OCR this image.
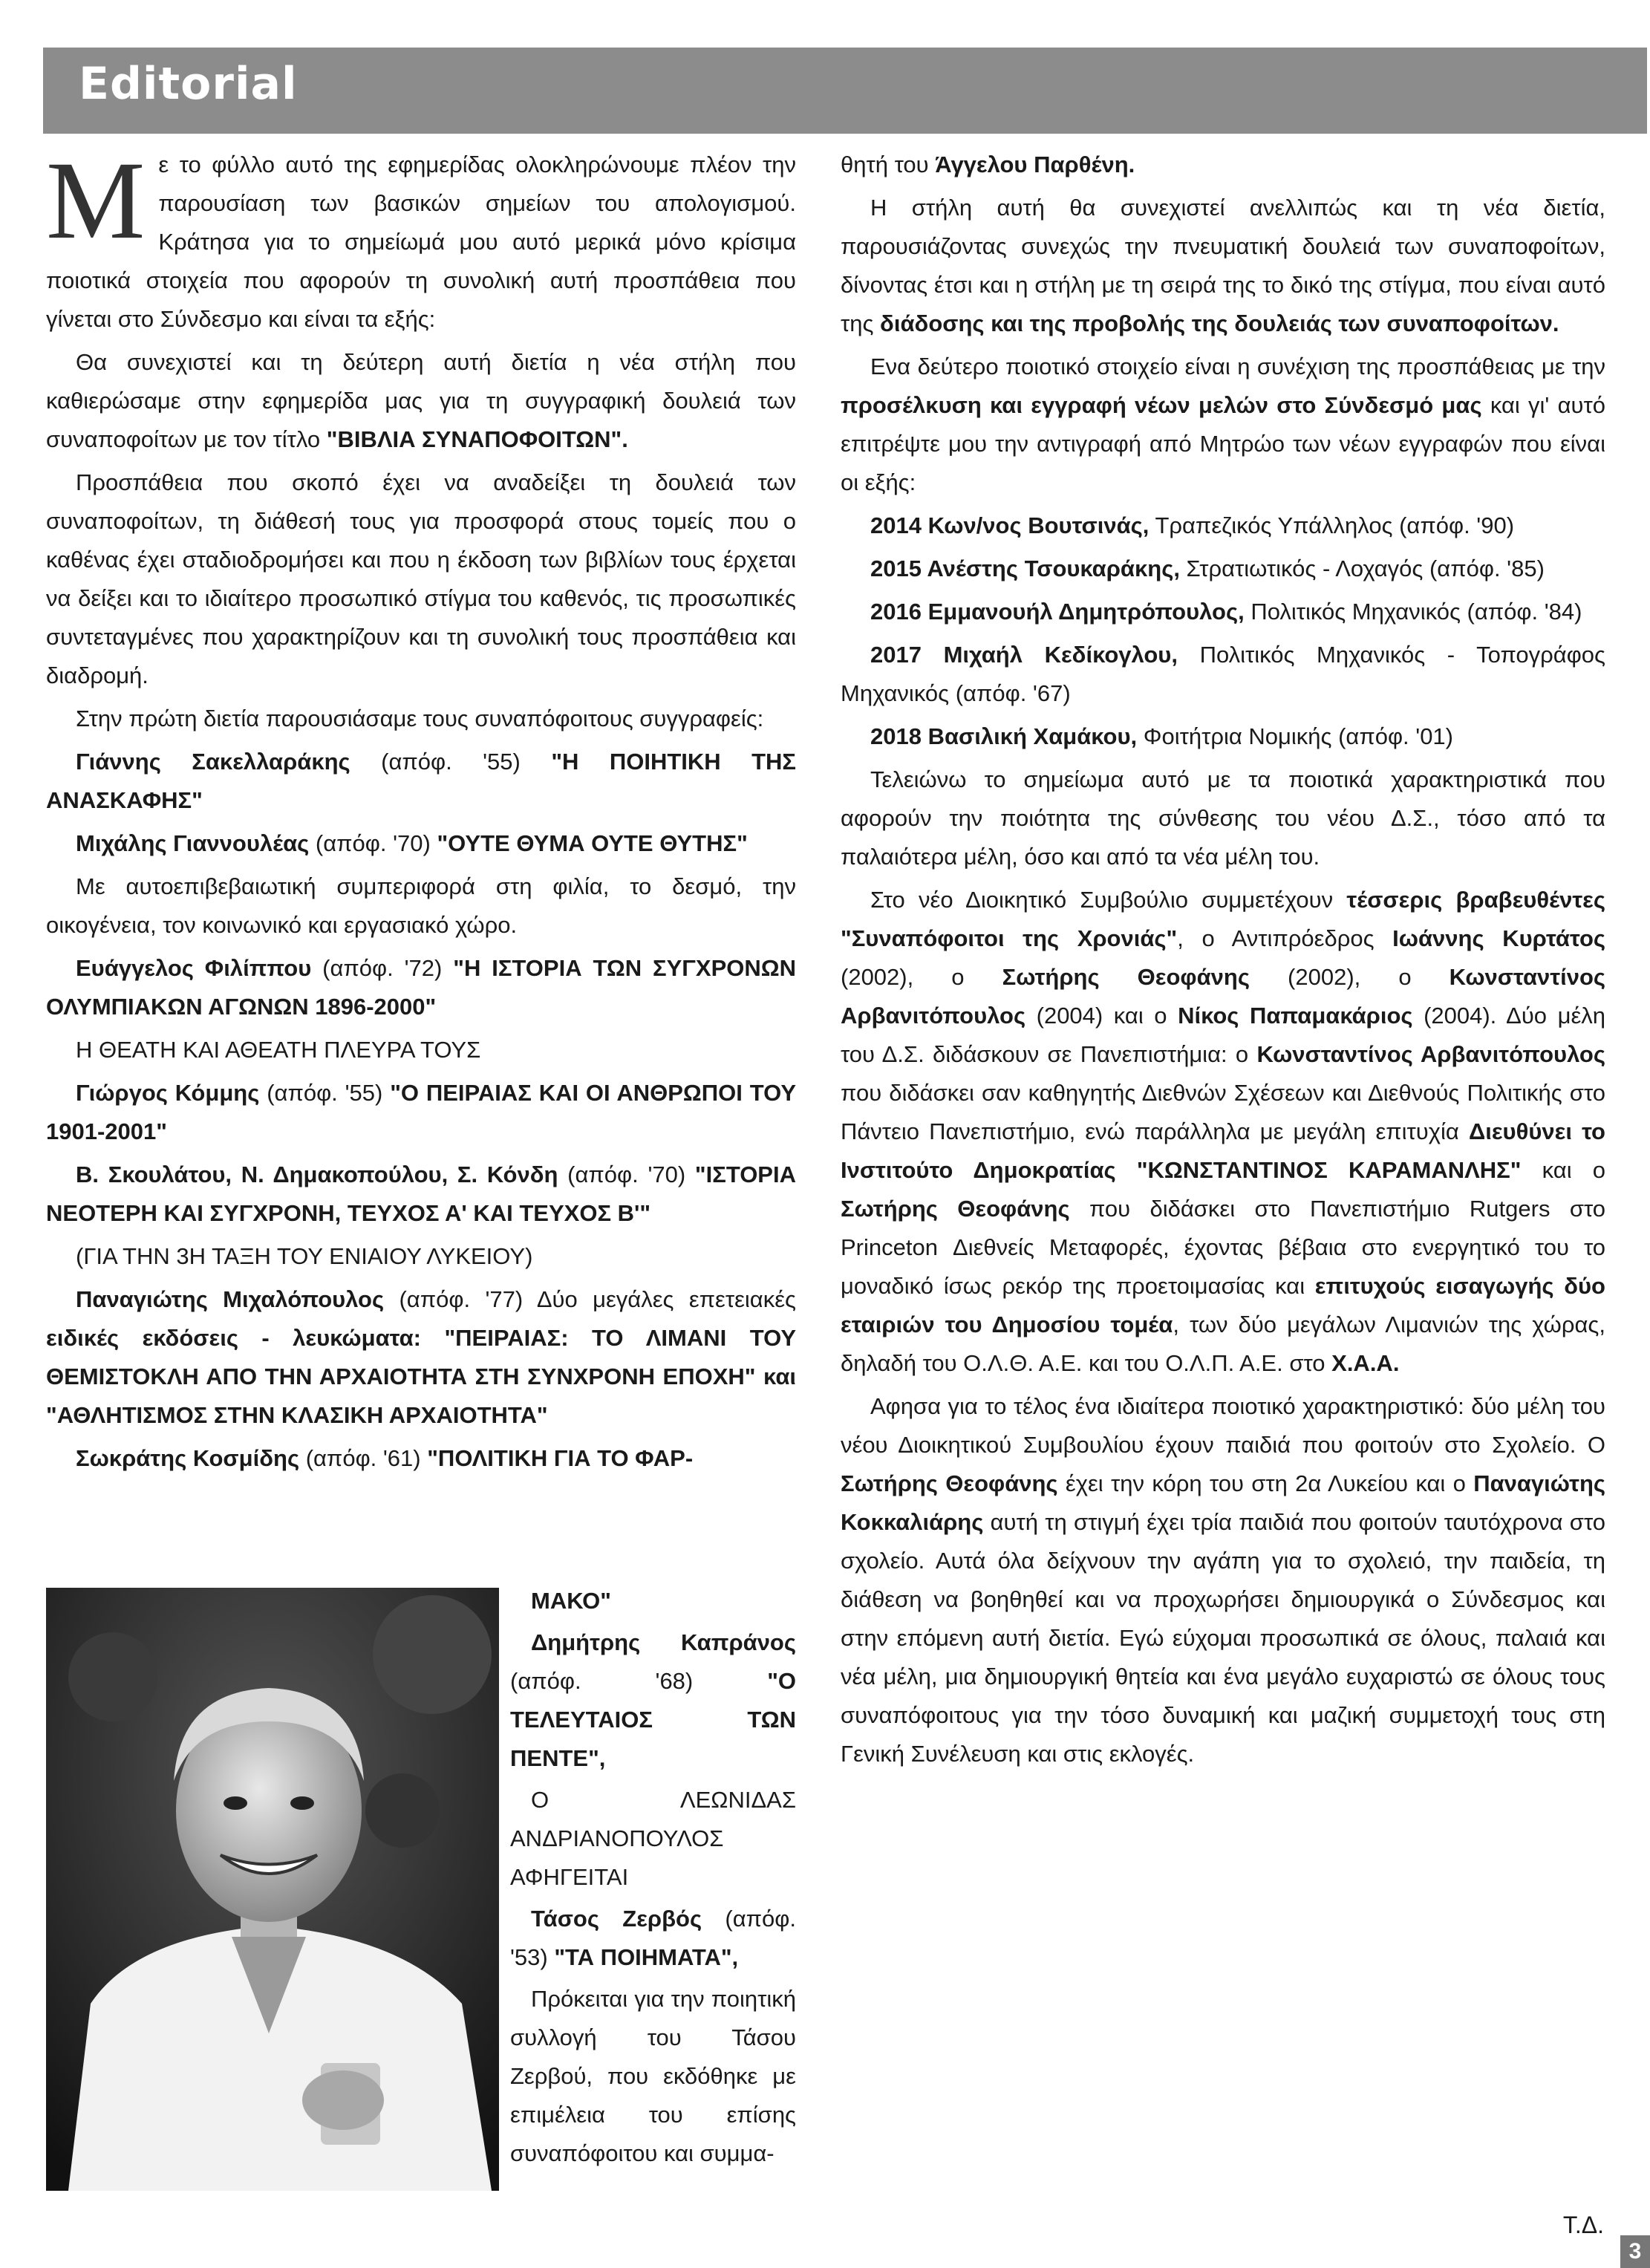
Editorial

Με το φύλλο αυτό της εφημερίδας ολοκληρώνουμε πλέον την παρουσίαση των βασικών σημείων του απολογισμού. Κράτησα για το σημείωμά μου αυτό μερικά μόνο κρίσιμα ποιοτικά στοιχεία που αφορούν τη συνολική αυτή προσπάθεια που γίνεται στο Σύνδεσμο και είναι τα εξής:

Θα συνεχιστεί και τη δεύτερη αυτή διετία η νέα στήλη που καθιερώσαμε στην εφημερίδα μας για τη συγγραφική δουλειά των συναποφοίτων με τον τίτλο "ΒΙΒΛΙΑ ΣΥΝΑΠΟΦΟΙΤΩΝ".

Προσπάθεια που σκοπό έχει να αναδείξει τη δουλειά των συναποφοίτων, τη διάθεσή τους για προσφορά στους τομείς που ο καθένας έχει σταδιοδρομήσει και που η έκδοση των βιβλίων τους έρχεται να δείξει και το ιδιαίτερο προσωπικό στίγμα του καθενός, τις προσωπικές συντεταγμένες που χαρακτηρίζουν και τη συνολική τους προσπάθεια και διαδρομή.

Στην πρώτη διετία παρουσιάσαμε τους συναπόφοιτους συγγραφείς:

Γιάννης Σακελλαράκης (απόφ. '55) "Η ΠΟΙΗΤΙΚΗ ΤΗΣ ΑΝΑΣΚΑΦΗΣ"

Μιχάλης Γιαννουλέας (απόφ. '70) "ΟΥΤΕ ΘΥΜΑ ΟΥΤΕ ΘΥΤΗΣ"

Με αυτοεπιβεβαιωτική συμπεριφορά στη φιλία, το δεσμό, την οικογένεια, τον κοινωνικό και εργασιακό χώρο.

Ευάγγελος Φιλίππου (απόφ. '72) "Η ΙΣΤΟΡΙΑ ΤΩΝ ΣΥΓΧΡΟΝΩΝ ΟΛΥΜΠΙΑΚΩΝ ΑΓΩΝΩΝ 1896-2000"

Η ΘΕΑΤΗ ΚΑΙ ΑΘΕΑΤΗ ΠΛΕΥΡΑ ΤΟΥΣ

Γιώργος Κόμμης (απόφ. '55) "Ο ΠΕΙΡΑΙΑΣ ΚΑΙ ΟΙ ΑΝΘΡΩΠΟΙ ΤΟΥ 1901-2001"

Β. Σκουλάτου, Ν. Δημακοπούλου, Σ. Κόνδη (απόφ. '70) "ΙΣΤΟΡΙΑ ΝΕΟΤΕΡΗ ΚΑΙ ΣΥΓΧΡΟΝΗ, ΤΕΥΧΟΣ Α' ΚΑΙ ΤΕΥΧΟΣ Β'"

(ΓΙΑ ΤΗΝ 3Η ΤΑΞΗ ΤΟΥ ΕΝΙΑΙΟΥ ΛΥΚΕΙΟΥ)

Παναγιώτης Μιχαλόπουλος (απόφ. '77) Δύο μεγάλες επετειακές ειδικές εκδόσεις - λευκώματα: "ΠΕΙΡΑΙΑΣ: ΤΟ ΛΙΜΑΝΙ ΤΟΥ ΘΕΜΙΣΤΟΚΛΗ ΑΠΟ ΤΗΝ ΑΡΧΑΙΟΤΗΤΑ ΣΤΗ ΣΥΝΧΡΟΝΗ ΕΠΟΧΗ" και "ΑΘΛΗΤΙΣΜΟΣ ΣΤΗΝ ΚΛΑΣΙΚΗ ΑΡΧΑΙΟΤΗΤΑ"

Σωκράτης Κοσμίδης (απόφ. '61) "ΠΟΛΙΤΙΚΗ ΓΙΑ ΤΟ ΦΑΡ-

ΜΑΚΟ"

Δημήτρης Καπράνος (απόφ. '68) "Ο ΤΕΛΕΥΤΑΙΟΣ ΤΩΝ ΠΕΝΤΕ",

Ο ΛΕΩΝΙΔΑΣ ΑΝΔΡΙΑΝΟΠΟΥΛΟΣ ΑΦΗΓΕΙΤΑΙ

Τάσος Ζερβός (απόφ. '53) "ΤΑ ΠΟΙΗΜΑΤΑ",

Πρόκειται για την ποιητική συλλογή του Τάσου Ζερβού, που εκδόθηκε με επιμέλεια του επίσης συναπόφοιτου και συμμα-

θητή του Άγγελου Παρθένη.

Η στήλη αυτή θα συνεχιστεί ανελλιπώς και τη νέα διετία, παρουσιάζοντας συνεχώς την πνευματική δουλειά των συναποφοίτων, δίνοντας έτσι και η στήλη με τη σειρά της το δικό της στίγμα, που είναι αυτό της διάδοσης και της προβολής της δουλειάς των συναποφοίτων.

Ενα δεύτερο ποιοτικό στοιχείο είναι η συνέχιση της προσπάθειας με την προσέλκυση και εγγραφή νέων μελών στο Σύνδεσμό μας και γι' αυτό επιτρέψτε μου την αντιγραφή από Μητρώο των νέων εγγραφών που είναι οι εξής:

2014 Κων/νος Βουτσινάς, Τραπεζικός Υπάλληλος (απόφ. '90)

2015 Ανέστης Τσουκαράκης, Στρατιωτικός - Λοχαγός (απόφ. '85)

2016 Εμμανουήλ Δημητρόπουλος, Πολιτικός Μηχανικός (απόφ. '84)

2017 Μιχαήλ Κεδίκογλου, Πολιτικός Μηχανικός - Τοπογράφος Μηχανικός (απόφ. '67)

2018 Βασιλική Χαμάκου, Φοιτήτρια Νομικής (απόφ. '01)

Τελειώνω το σημείωμα αυτό με τα ποιοτικά χαρακτηριστικά που αφορούν την ποιότητα της σύνθεσης του νέου Δ.Σ., τόσο από τα παλαιότερα μέλη, όσο και από τα νέα μέλη του.

Στο νέο Διοικητικό Συμβούλιο συμμετέχουν τέσσερις βραβευθέντες "Συναπόφοιτοι της Χρονιάς", ο Αντιπρόεδρος Ιωάννης Κυρτάτος (2002), ο Σωτήρης Θεοφάνης (2002), ο Κωνσταντίνος Αρβανιτόπουλος (2004) και ο Νίκος Παπαμακάριος (2004). Δύο μέλη του Δ.Σ. διδάσκουν σε Πανεπιστήμια: ο Κωνσταντίνος Αρβανιτόπουλος που διδάσκει σαν καθηγητής Διεθνών Σχέσεων και Διεθνούς Πολιτικής στο Πάντειο Πανεπιστήμιο, ενώ παράλληλα με μεγάλη επιτυχία Διευθύνει το Ινστιτούτο Δημοκρατίας "ΚΩΝΣΤΑΝΤΙΝΟΣ ΚΑΡΑΜΑΝΛΗΣ" και ο Σωτήρης Θεοφάνης που διδάσκει στο Πανεπιστήμιο Rutgers στο Princeton Διεθνείς Μεταφορές, έχοντας βέβαια στο ενεργητικό του το μοναδικό ίσως ρεκόρ της προετοιμασίας και επιτυχούς εισαγωγής δύο εταιριών του Δημοσίου τομέα, των δύο μεγάλων Λιμανιών της χώρας, δηλαδή του Ο.Λ.Θ. Α.Ε. και του Ο.Λ.Π. Α.Ε. στο Χ.Α.Α.

Αφησα για το τέλος ένα ιδιαίτερα ποιοτικό χαρακτηριστικό: δύο μέλη του νέου Διοικητικού Συμβουλίου έχουν παιδιά που φοιτούν στο Σχολείο. Ο Σωτήρης Θεοφάνης έχει την κόρη του στη 2α Λυκείου και ο Παναγιώτης Κοκκαλιάρης αυτή τη στιγμή έχει τρία παιδιά που φοιτούν ταυτόχρονα στο σχολείο. Αυτά όλα δείχνουν την αγάπη για το σχολειό, την παιδεία, τη διάθεση να βοηθηθεί και να προχωρήσει δημιουργικά ο Σύνδεσμος και στην επόμενη αυτή διετία. Εγώ εύχομαι προσωπικά σε όλους, παλαιά και νέα μέλη, μια δημιουργική θητεία και ένα μεγάλο ευχαριστώ σε όλους τους συναπόφοιτους για την τόσο δυναμική και μαζική συμμετοχή τους στη Γενική Συνέλευση και στις εκλογές.

Τ.Δ.
3
